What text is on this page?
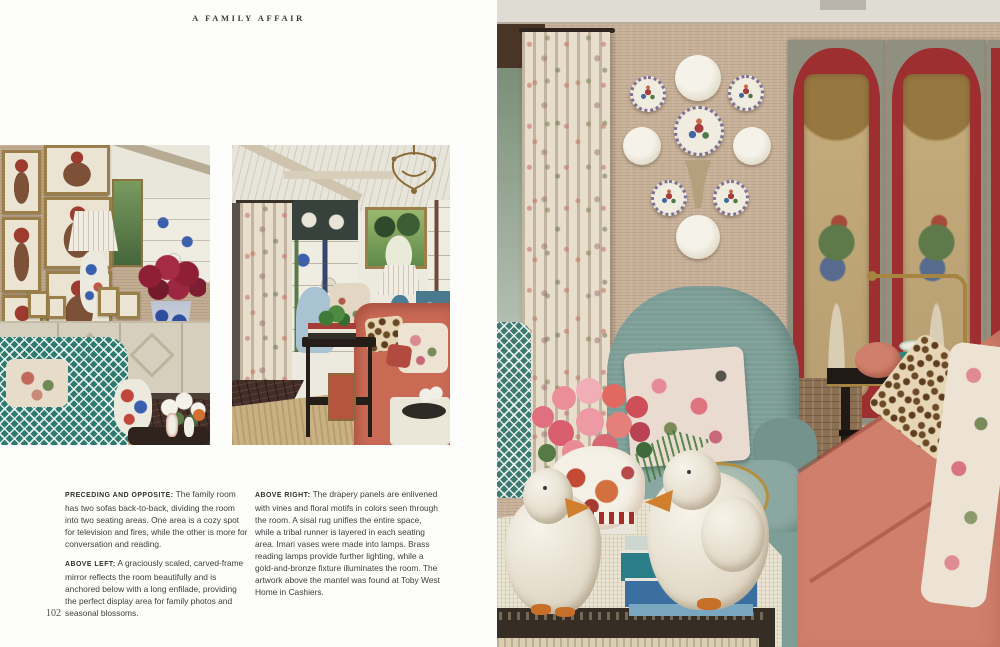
A FAMILY AFFAIR

PRECEDING AND OPPOSITE: The family room has two sofas back-to-back, dividing the room into two seating areas. One area is a cozy spot for television and fires, while the other is more for conversation and reading.

ABOVE LEFT: A graciously scaled, carved-frame mirror reflects the room beautifully and is anchored below with a long enfilade, providing the perfect display area for family photos and seasonal blossoms.

ABOVE RIGHT: The drapery panels are enlivened with vines and floral motifs in colors seen through the room. A sisal rug unifies the entire space, while a tribal runner is layered in each seating area. Imari vases were made into lamps. Brass reading lamps provide further lighting, while a gold-and-bronze fixture illuminates the room. The artwork above the mantel was found at Toby West Home in Cashiers.

102
